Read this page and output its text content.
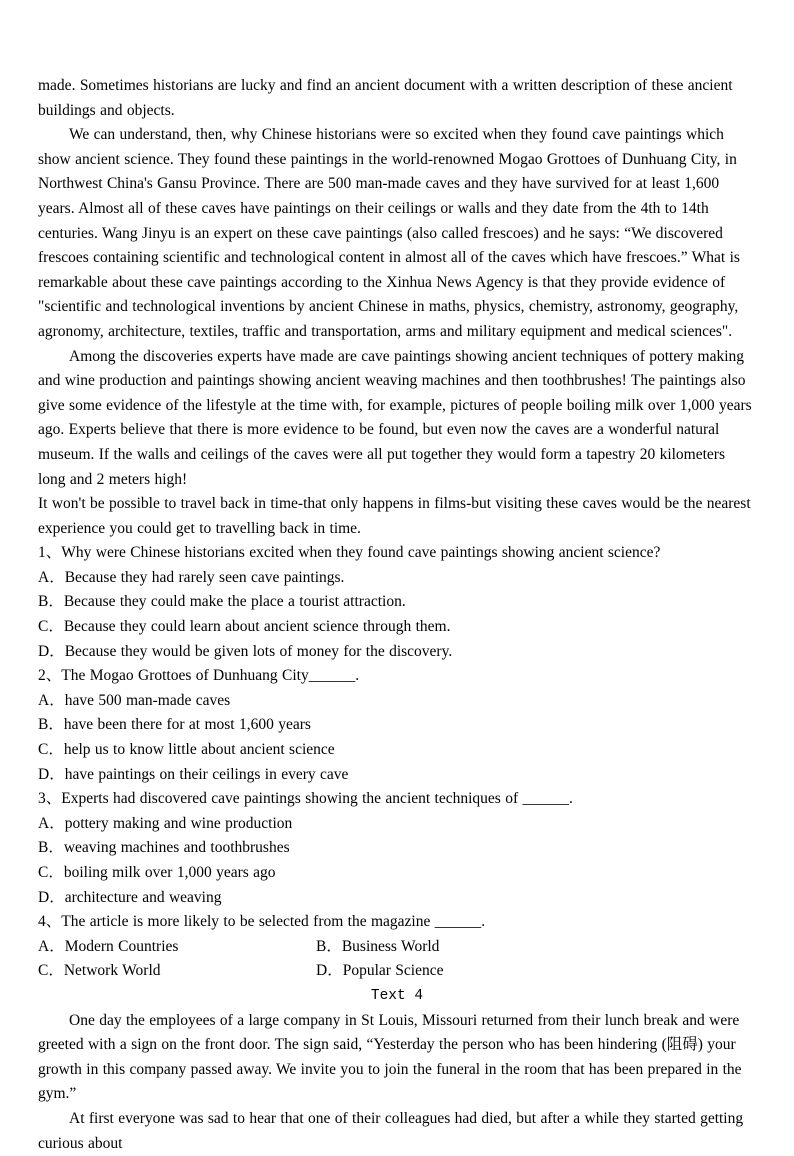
made. Sometimes historians are lucky and find an ancient document with a written description of these ancient buildings and objects.

We can understand, then, why Chinese historians were so excited when they found cave paintings which show ancient science. They found these paintings in the world-renowned Mogao Grottoes of Dunhuang City, in Northwest China's Gansu Province. There are 500 man-made caves and they have survived for at least 1,600 years. Almost all of these caves have paintings on their ceilings or walls and they date from the 4th to 14th centuries. Wang Jinyu is an expert on these cave paintings (also called frescoes) and he says: “We discovered frescoes containing scientific and technological content in almost all of the caves which have frescoes.” What is remarkable about these cave paintings according to the Xinhua News Agency is that they provide evidence of "scientific and technological inventions by ancient Chinese in maths, physics, chemistry, astronomy, geography, agronomy, architecture, textiles, traffic and transportation, arms and military equipment and medical sciences".

Among the discoveries experts have made are cave paintings showing ancient techniques of pottery making and wine production and paintings showing ancient weaving machines and then toothbrushes! The paintings also give some evidence of the lifestyle at the time with, for example, pictures of people boiling milk over 1,000 years ago. Experts believe that there is more evidence to be found, but even now the caves are a wonderful natural museum. If the walls and ceilings of the caves were all put together they would form a tapestry 20 kilometers long and 2 meters high!

It won't be possible to travel back in time-that only happens in films-but visiting these caves would be the nearest experience you could get to travelling back in time.

1、Why were Chinese historians excited when they found cave paintings showing ancient science?

A．Because they had rarely seen cave paintings.

B．Because they could make the place a tourist attraction.

C．Because they could learn about ancient science through them.

D．Because they would be given lots of money for the discovery.

2、The Mogao Grottoes of Dunhuang City______.

A．have 500 man-made caves

B．have been there for at most 1,600 years

C．help us to know little about ancient science

D．have paintings on their ceilings in every cave

3、Experts had discovered cave paintings showing the ancient techniques of ______.

A．pottery making and wine production

B．weaving machines and toothbrushes

C．boiling milk over 1,000 years ago

D．architecture and weaving

4、The article is more likely to be selected from the magazine ______.

A．Modern Countries	B．Business World

C．Network World	D．Popular Science

Text 4

One day the employees of a large company in St Louis, Missouri returned from their lunch break and were greeted with a sign on the front door. The sign said, “Yesterday the person who has been hindering (阻碍) your growth in this company passed away. We invite you to join the funeral in the room that has been prepared in the gym.”

At first everyone was sad to hear that one of their colleagues had died, but after a while they started getting curious about
